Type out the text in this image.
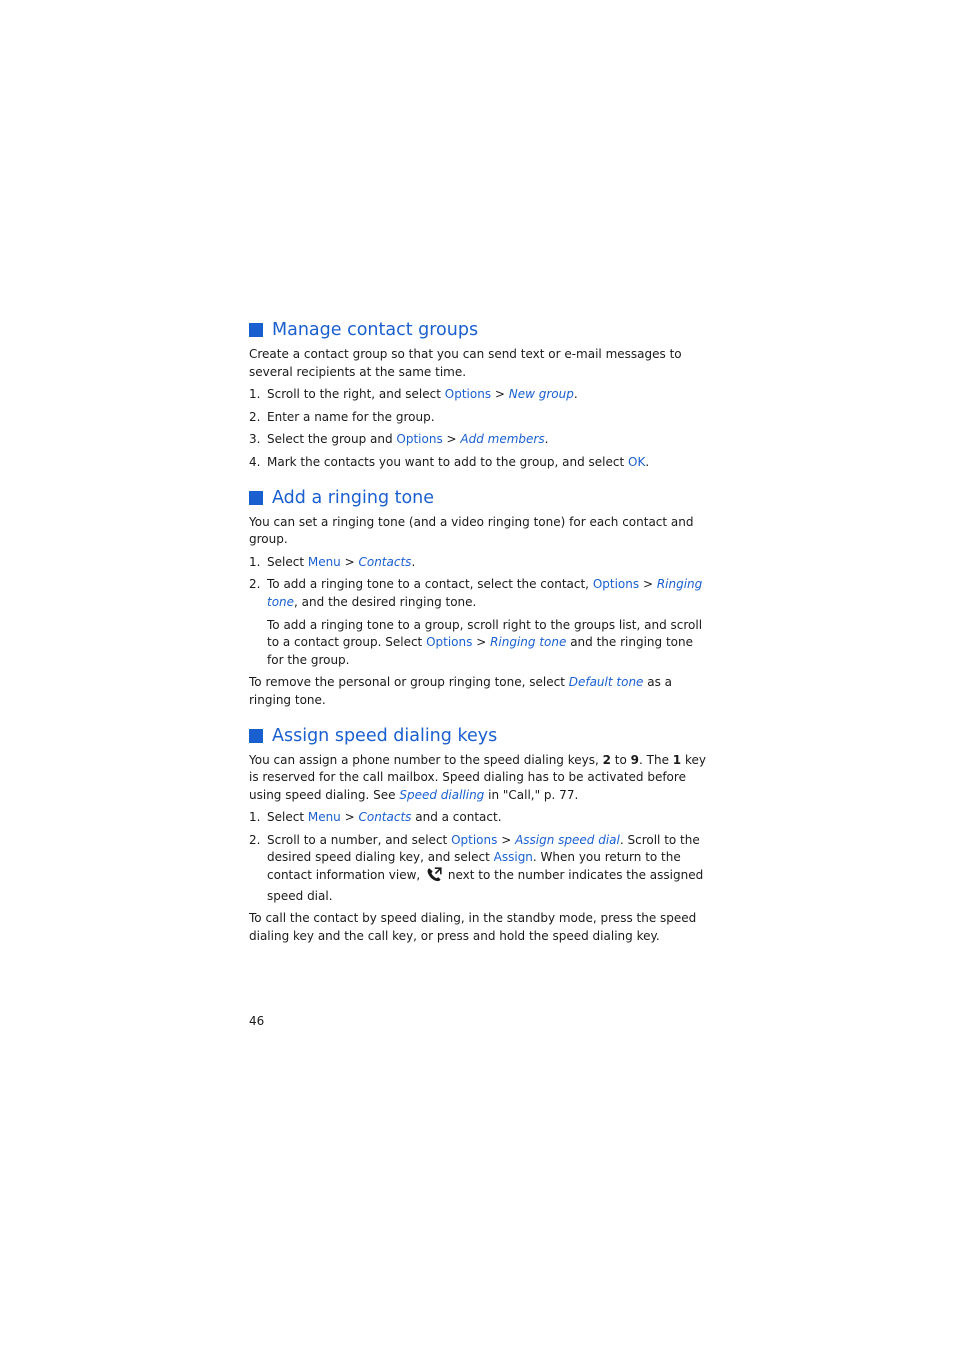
Manage contact groups

Create a contact group so that you can send text or e-mail messages to several recipients at the same time.

1. Scroll to the right, and select Options > New group.
2. Enter a name for the group.
3. Select the group and Options > Add members.
4. Mark the contacts you want to add to the group, and select OK.
Add a ringing tone

You can set a ringing tone (and a video ringing tone) for each contact and group.

1. Select Menu > Contacts.
2. To add a ringing tone to a contact, select the contact, Options > Ringing tone, and the desired ringing tone.

To add a ringing tone to a group, scroll right to the groups list, and scroll to a contact group. Select Options > Ringing tone and the ringing tone for the group.

To remove the personal or group ringing tone, select Default tone as a ringing tone.

Assign speed dialing keys

You can assign a phone number to the speed dialing keys, 2 to 9. The 1 key is reserved for the call mailbox. Speed dialing has to be activated before using speed dialing. See Speed dialling in "Call," p. 77.

1. Select Menu > Contacts and a contact.
2. Scroll to a number, and select Options > Assign speed dial. Scroll to the desired speed dialing key, and select Assign. When you return to the contact information view,  next to the number indicates the assigned speed dial.

To call the contact by speed dialing, in the standby mode, press the speed dialing key and the call key, or press and hold the speed dialing key.

46
